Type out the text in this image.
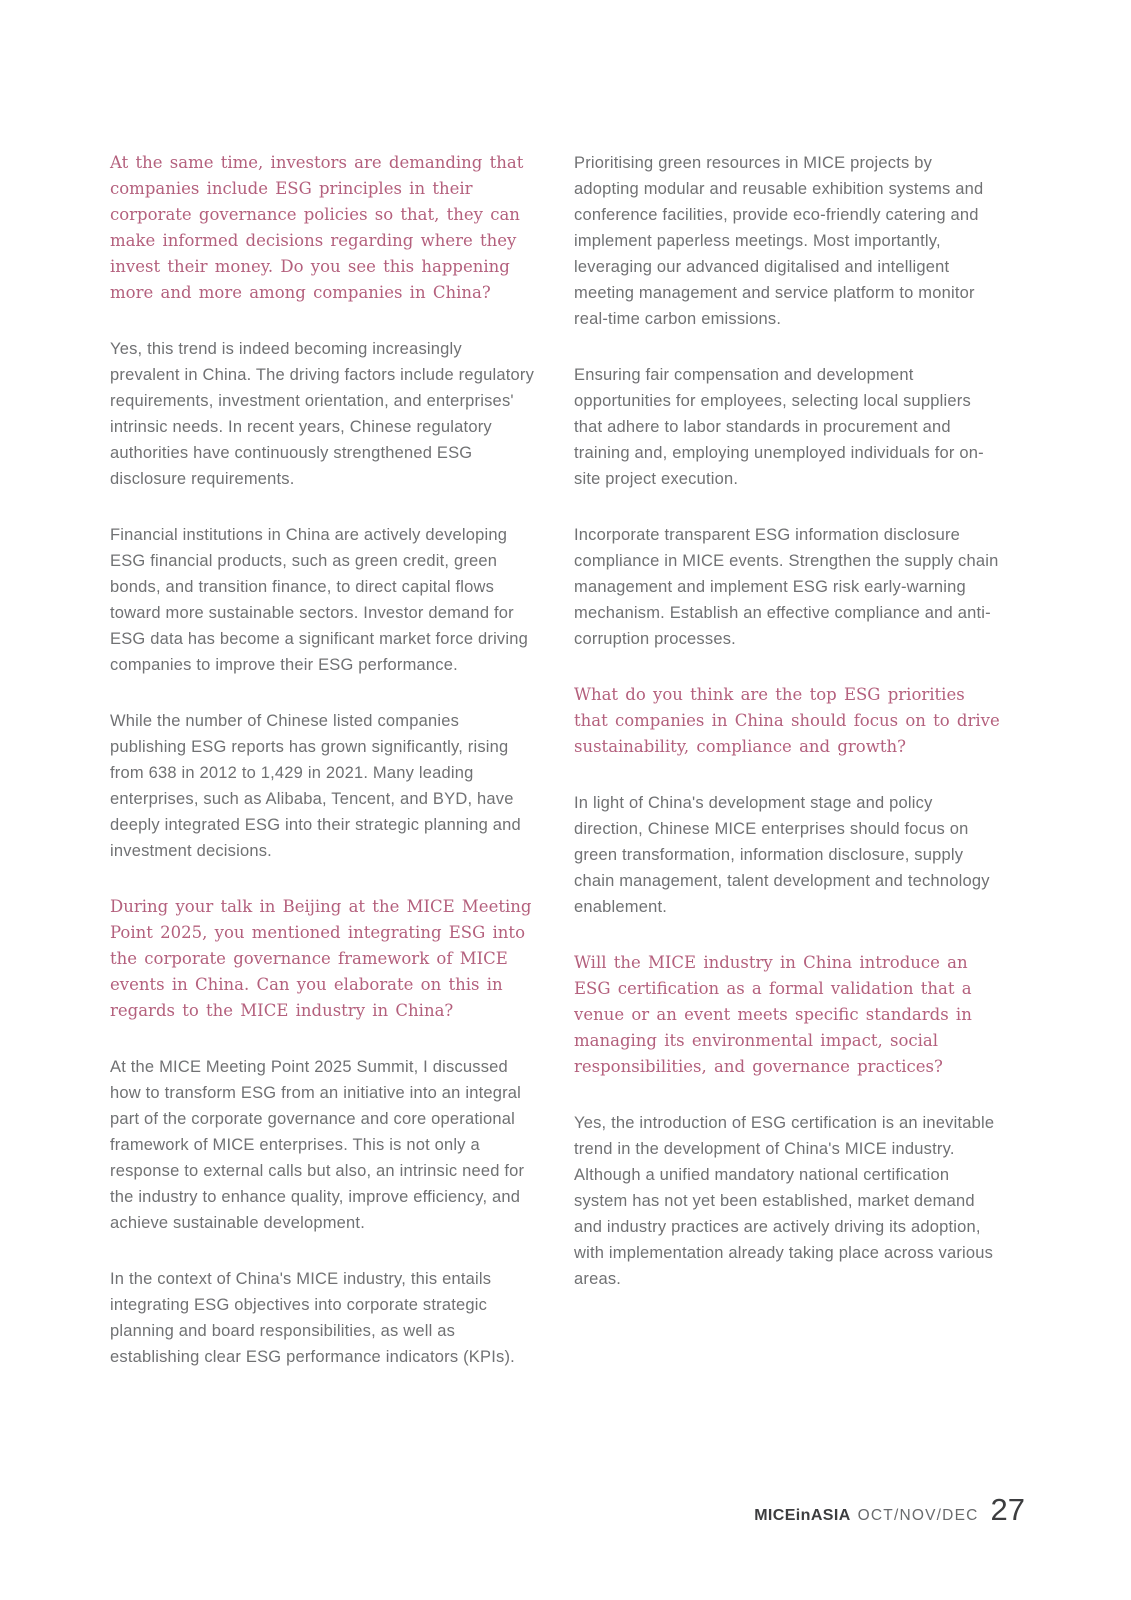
At the same time, investors are demanding that companies include ESG principles in their corporate governance policies so that, they can make informed decisions regarding where they invest their money. Do you see this happening more and more among companies in China?

Yes, this trend is indeed becoming increasingly prevalent in China. The driving factors include regulatory requirements, investment orientation, and enterprises' intrinsic needs. In recent years, Chinese regulatory authorities have continuously strengthened ESG disclosure requirements.

Financial institutions in China are actively developing ESG financial products, such as green credit, green bonds, and transition finance, to direct capital flows toward more sustainable sectors. Investor demand for ESG data has become a significant market force driving companies to improve their ESG performance.

While the number of Chinese listed companies publishing ESG reports has grown significantly, rising from 638 in 2012 to 1,429 in 2021. Many leading enterprises, such as Alibaba, Tencent, and BYD, have deeply integrated ESG into their strategic planning and investment decisions.

During your talk in Beijing at the MICE Meeting Point 2025, you mentioned integrating ESG into the corporate governance framework of MICE events in China. Can you elaborate on this in regards to the MICE industry in China?

At the MICE Meeting Point 2025 Summit, I discussed how to transform ESG from an initiative into an integral part of the corporate governance and core operational framework of MICE enterprises. This is not only a response to external calls but also, an intrinsic need for the industry to enhance quality, improve efficiency, and achieve sustainable development.

In the context of China's MICE industry, this entails integrating ESG objectives into corporate strategic planning and board responsibilities, as well as establishing clear ESG performance indicators (KPIs).

Prioritising green resources in MICE projects by adopting modular and reusable exhibition systems and conference facilities, provide eco-friendly catering and implement paperless meetings. Most importantly, leveraging our advanced digitalised and intelligent meeting management and service platform to monitor real-time carbon emissions.

Ensuring fair compensation and development opportunities for employees, selecting local suppliers that adhere to labor standards in procurement and training and, employing unemployed individuals for on-site project execution.

Incorporate transparent ESG information disclosure compliance in MICE events. Strengthen the supply chain management and implement ESG risk early-warning mechanism. Establish an effective compliance and anti-corruption processes.

What do you think are the top ESG priorities that companies in China should focus on to drive sustainability, compliance and growth?

In light of China's development stage and policy direction, Chinese MICE enterprises should focus on green transformation, information disclosure, supply chain management, talent development and technology enablement.

Will the MICE industry in China introduce an ESG certification as a formal validation that a venue or an event meets specific standards in managing its environmental impact, social responsibilities, and governance practices?

Yes, the introduction of ESG certification is an inevitable trend in the development of China's MICE industry. Although a unified mandatory national certification system has not yet been established, market demand and industry practices are actively driving its adoption, with implementation already taking place across various areas.

MICEinASIA OCT/NOV/DEC 27
